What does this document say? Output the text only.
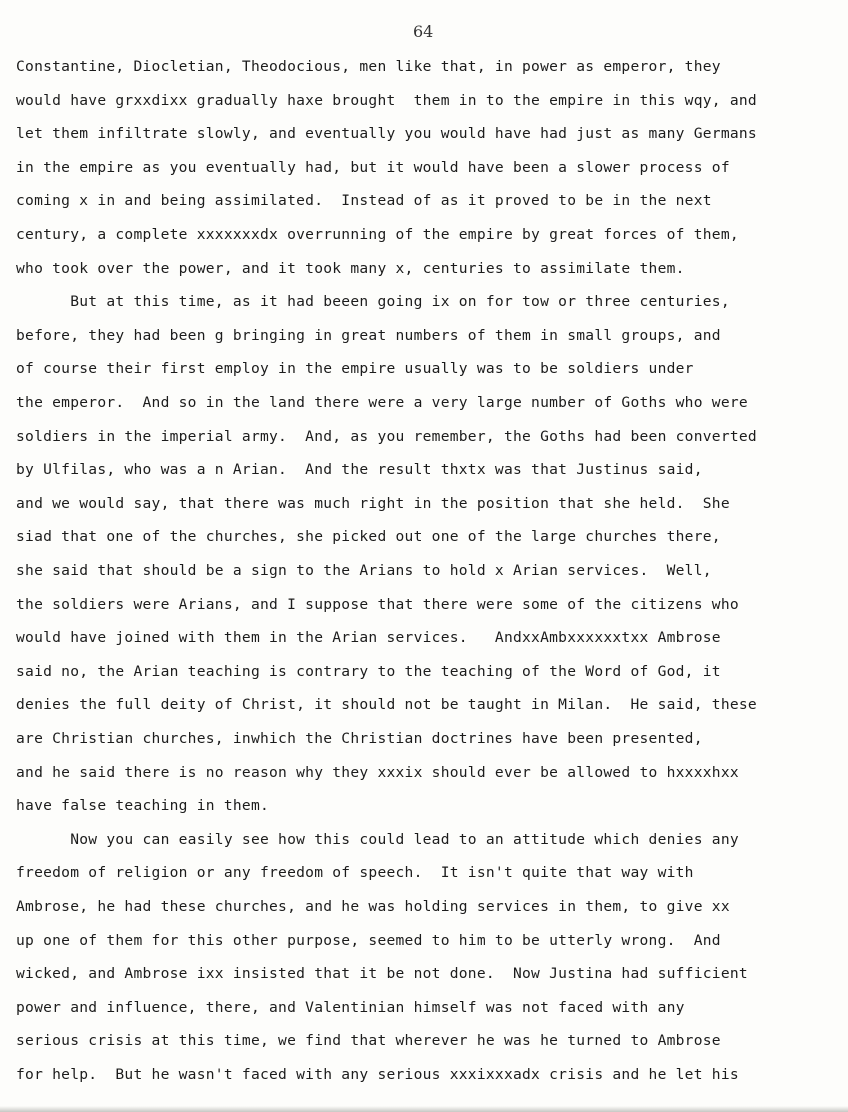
64
Constantine, Diocletian, Theodocious, men like that, in power as emperor, they
would have grxxdixx gradually haxe brought  them in to the empire in this wqy, and
let them infiltrate slowly, and eventually you would have had just as many Germans
in the empire as you eventually had, but it would have been a slower process of
coming x in and being assimilated.  Instead of as it proved to be in the next
century, a complete xxxxxxxdx overrunning of the empire by great forces of them,
who took over the power, and it took many x, centuries to assimilate them.
But at this time, as it had beeen going ix on for tow or three centuries,
before, they had been g bringing in great numbers of them in small groups, and
of course their first employ in the empire usually was to be soldiers under
the emperor.  And so in the land there were a very large number of Goths who were
soldiers in the imperial army.  And, as you remember, the Goths had been converted
by Ulfilas, who was a n Arian.  And the result thxtx was that Justinus said,
and we would say, that there was much right in the position that she held.  She
siad that one of the churches, she picked out one of the large churches there,
she said that should be a sign to the Arians to hold x Arian services.  Well,
the soldiers were Arians, and I suppose that there were some of the citizens who
would have joined with them in the Arian services.   AndxxAmbxxxxxxtxx Ambrose
said no, the Arian teaching is contrary to the teaching of the Word of God, it
denies the full deity of Christ, it should not be taught in Milan.  He said, these
are Christian churches, inwhich the Christian doctrines have been presented,
and he said there is no reason why they xxxix should ever be allowed to hxxxxhxx
have false teaching in them.
Now you can easily see how this could lead to an attitude which denies any
freedom of religion or any freedom of speech.  It isn't quite that way with
Ambrose, he had these churches, and he was holding services in them, to give xx
up one of them for this other purpose, seemed to him to be utterly wrong.  And
wicked, and Ambrose ixx insisted that it be not done.  Now Justina had sufficient
power and influence, there, and Valentinian himself was not faced with any
serious crisis at this time, we find that wherever he was he turned to Ambrose
for help.  But he wasn't faced with any serious xxxixxxadx crisis and he let his
